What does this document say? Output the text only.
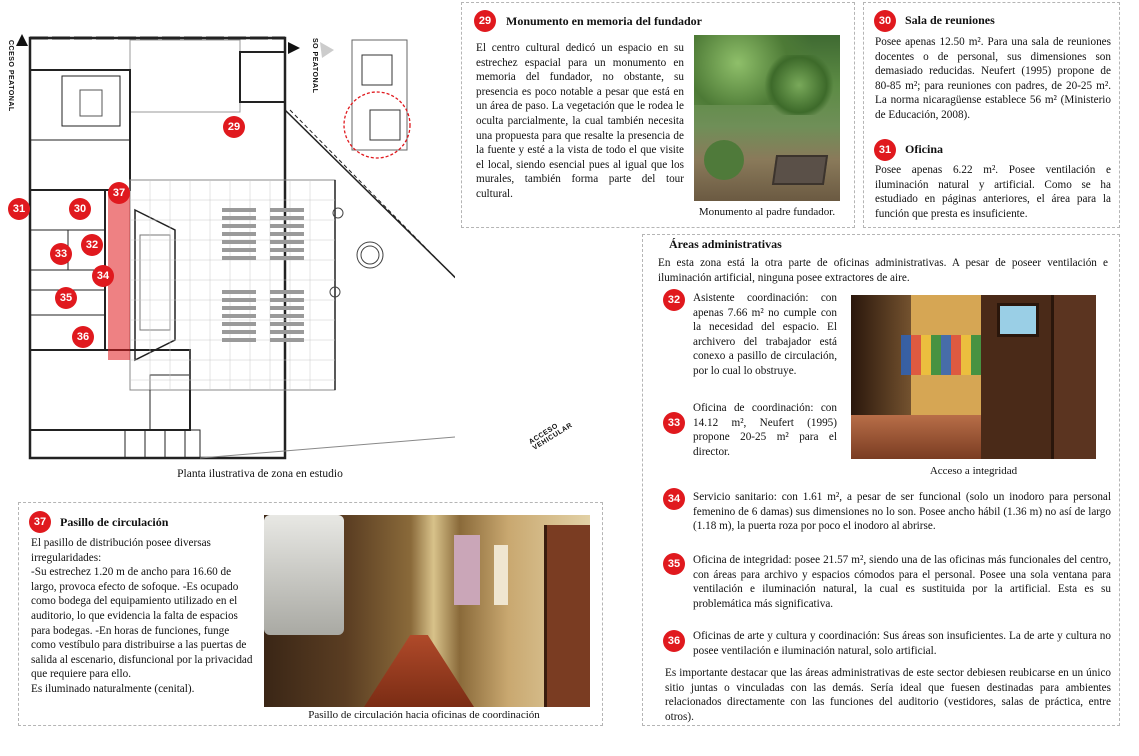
CCESO PEATONAL	SO PEATONAL
ACCESO VEHICULAR
29
31	30
37
33
32
34
35
36
Planta ilustrativa de zona en estudio
29	Monumento en memoria del fundador
El centro cultural dedicó un espacio en su estrechez espacial para un monumento en memoria del fundador, no obstante, su presencia es poco notable a pesar que está en un área de paso. La vegetación que le rodea le oculta parcialmente, la cual también necesita una propuesta para que resalte la presencia de la fuente y esté a la vista de todo el que visite el local, siendo esencial pues al igual que los murales, también forma parte del tour cultural.
Monumento al padre fundador.
30	Sala de reuniones
Posee apenas 12.50 m². Para una sala de reuniones docentes o de personal, sus dimensiones son demasiado reducidas. Neufert (1995) propone de 80-85 m²; para reuniones con padres, de 20-25 m². La norma nicaragüense establece 56 m² (Ministerio de Educación, 2008).
31	Oficina
Posee apenas 6.22 m². Posee ventilación e iluminación natural y artificial. Como se ha estudiado en páginas anteriores, el área para la función que presta es insuficiente.
Áreas administrativas
En esta zona está la otra parte de oficinas administrativas. A pesar de poseer ventilación e iluminación artificial, ninguna posee extractores de aire.
32	Asistente coordinación: con apenas 7.66 m² no cumple con la necesidad del espacio. El archivero del trabajador está conexo a pasillo de circulación, por lo cual lo obstruye.
33
Oficina de coordinación: con 14.12 m², Neufert (1995) propone 20-25 m² para el director.
Acceso a integridad
34	Servicio sanitario: con 1.61 m², a pesar de ser funcional (solo un inodoro para personal femenino de 6 damas) sus dimensiones no lo son. Posee ancho hábil (1.36 m) no así de largo (1.18 m), la puerta roza por poco el inodoro al abrirse.
35	Oficina de integridad: posee 21.57 m², siendo una de las oficinas más funcionales del centro, con áreas para archivo y espacios cómodos para el personal. Posee una sola ventana para ventilación e iluminación natural, la cual es sustituida por la artificial. Esta es su problemática más significativa.
36	Oficinas de arte y cultura y coordinación: Sus áreas son insuficientes. La de arte y cultura no posee ventilación e iluminación natural, solo artificial.
Es importante destacar que las áreas administrativas de este sector debiesen reubicarse en un único sitio juntas o vinculadas con las demás. Sería ideal que fuesen destinadas para ambientes relacionados directamente con las funciones del auditorio (vestidores, salas de práctica, entre otros).
37	Pasillo de circulación
El pasillo de distribución posee diversas irregularidades:
-Su estrechez 1.20 m de ancho para 16.60 de largo, provoca efecto de sofoque. -Es ocupado como bodega del equipamiento utilizado en el auditorio, lo que evidencia la falta de espacios para bodegas. -En horas de funciones, funge como vestíbulo para distribuirse a las puertas de salida al escenario, disfuncional por la privacidad que requiere para ello.
Es iluminado naturalmente (cenital).
Pasillo de circulación hacia oficinas de coordinación
